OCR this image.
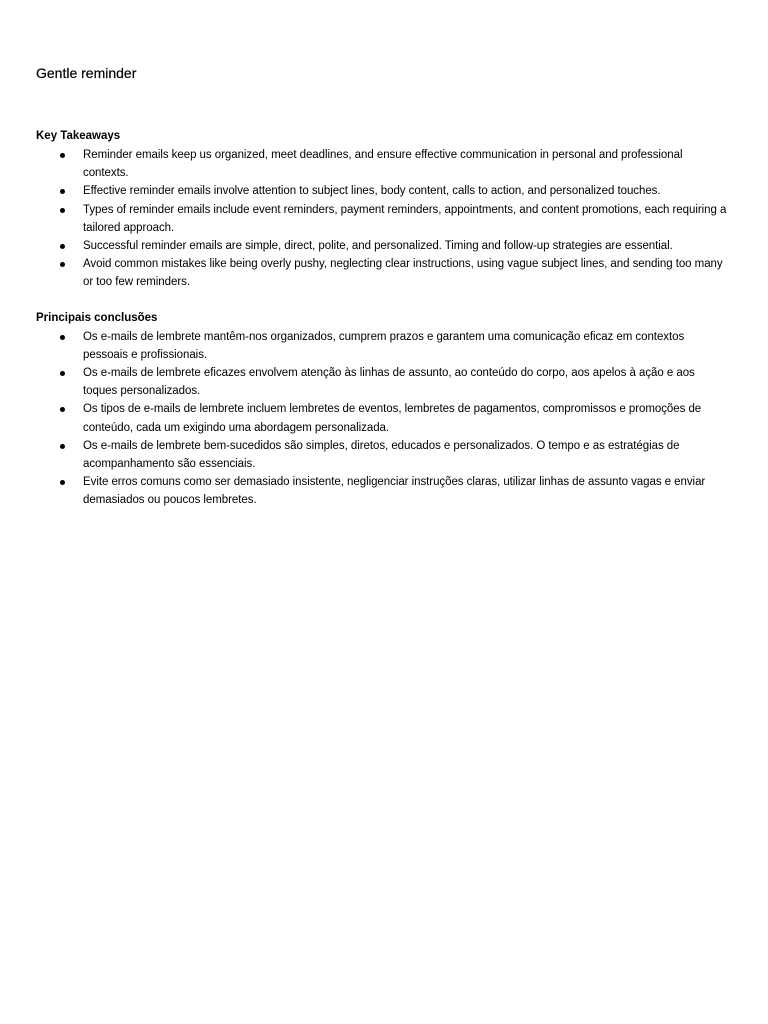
Gentle reminder
Key Takeaways
Reminder emails keep us organized, meet deadlines, and ensure effective communication in personal and professional contexts.
Effective reminder emails involve attention to subject lines, body content, calls to action, and personalized touches.
Types of reminder emails include event reminders, payment reminders, appointments, and content promotions, each requiring a tailored approach.
Successful reminder emails are simple, direct, polite, and personalized. Timing and follow-up strategies are essential.
Avoid common mistakes like being overly pushy, neglecting clear instructions, using vague subject lines, and sending too many or too few reminders.
Principais conclusões
Os e-mails de lembrete mantêm-nos organizados, cumprem prazos e garantem uma comunicação eficaz em contextos pessoais e profissionais.
Os e-mails de lembrete eficazes envolvem atenção às linhas de assunto, ao conteúdo do corpo, aos apelos à ação e aos toques personalizados.
Os tipos de e-mails de lembrete incluem lembretes de eventos, lembretes de pagamentos, compromissos e promoções de conteúdo, cada um exigindo uma abordagem personalizada.
Os e-mails de lembrete bem-sucedidos são simples, diretos, educados e personalizados. O tempo e as estratégias de acompanhamento são essenciais.
Evite erros comuns como ser demasiado insistente, negligenciar instruções claras, utilizar linhas de assunto vagas e enviar demasiados ou poucos lembretes.
